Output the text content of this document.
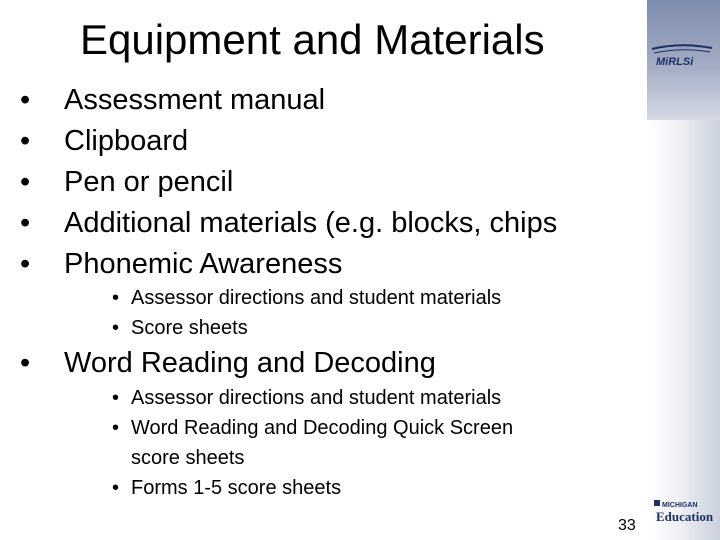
MiRLSi
MICHIGAN
Education
Equipment and Materials
• Assessment manual
• Clipboard
• Pen or pencil
• Additional materials (e.g. blocks, chips
• Phonemic Awareness
• Assessor directions and student materials
• Score sheets
• Word Reading and Decoding
• Assessor directions and student materials
• Word Reading and Decoding Quick Screen
score sheets
• Forms 1-5 score sheets
33
